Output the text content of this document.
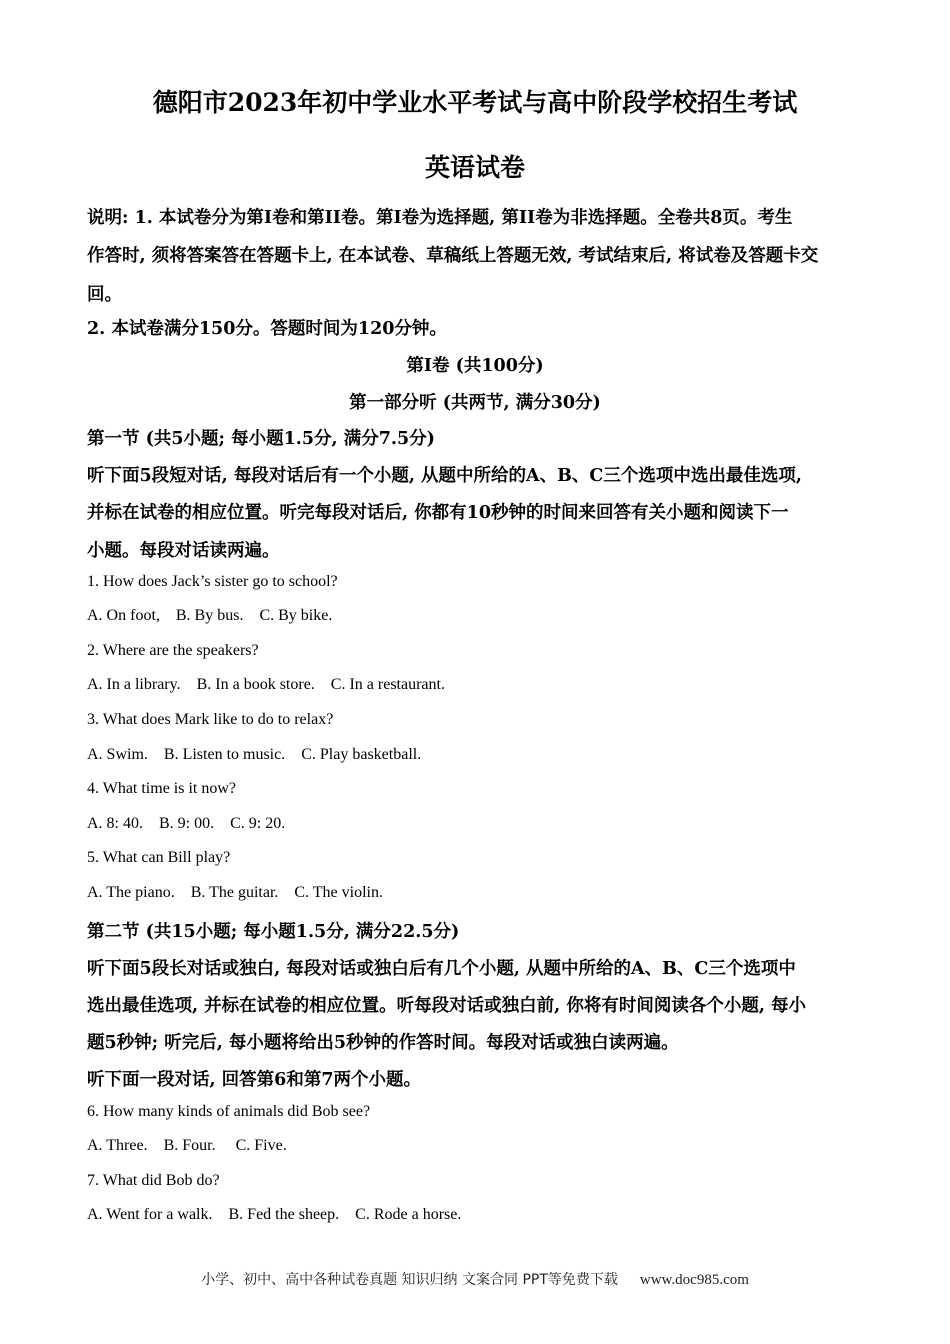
德阳市2023年初中学业水平考试与高中阶段学校招生考试
英语试卷
说明: 1. 本试卷分为第I卷和第II卷。第I卷为选择题, 第II卷为非选择题。全卷共8页。考生
作答时, 须将答案答在答题卡上, 在本试卷、草稿纸上答题无效, 考试结束后, 将试卷及答题卡交
回。
2. 本试卷满分150分。答题时间为120分钟。
第I卷 (共100分)
第一部分听 (共两节, 满分30分)
第一节 (共5小题; 每小题1.5分, 满分7.5分)
听下面5段短对话, 每段对话后有一个小题, 从题中所给的A、B、C三个选项中选出最佳选项,
并标在试卷的相应位置。听完每段对话后, 你都有10秒钟的时间来回答有关小题和阅读下一
小题。每段对话读两遍。
1. How does Jack’s sister go to school?
A. On foot,    B. By bus.    C. By bike.
2. Where are the speakers?
A. In a library.    B. In a book store.    C. In a restaurant.
3. What does Mark like to do to relax?
A. Swim.    B. Listen to music.    C. Play basketball.
4. What time is it now?
A. 8: 40.    B. 9: 00.    C. 9: 20.
5. What can Bill play?
A. The piano.    B. The guitar.    C. The violin.
第二节 (共15小题; 每小题1.5分, 满分22.5分)
听下面5段长对话或独白, 每段对话或独白后有几个小题, 从题中所给的A、B、C三个选项中
选出最佳选项, 并标在试卷的相应位置。听每段对话或独白前, 你将有时间阅读各个小题, 每小
题5秒钟; 听完后, 每小题将给出5秒钟的作答时间。每段对话或独白读两遍。
听下面一段对话, 回答第6和第7两个小题。
6. How many kinds of animals did Bob see?
A. Three.    B. Four.     C. Five.
7. What did Bob do?
A. Went for a walk.    B. Fed the sheep.    C. Rode a horse.
小学、初中、高中各种试卷真题 知识归纳 文案合同 PPT等免费下载 www.doc985.com
